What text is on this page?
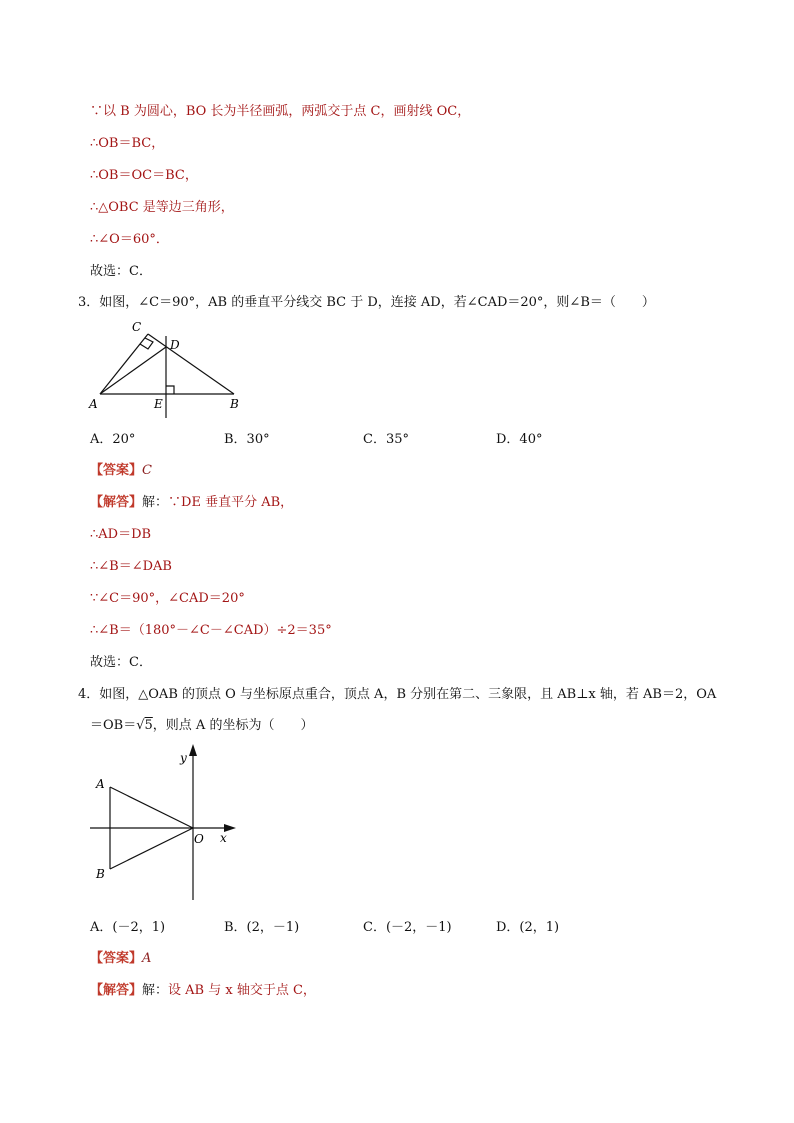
∵以 B 为圆心，BO 长为半径画弧，两弧交于点 C，画射线 OC，
∴OB＝BC，
∴OB＝OC＝BC，
∴△OBC 是等边三角形，
∴∠O＝60°．
故选：C．
3．如图，∠C＝90°，AB 的垂直平分线交 BC 于 D，连接 AD，若∠CAD＝20°，则∠B＝（　　）
C
D
A	E	B
A．20°	B．30°	C．35°	D．40°
【答案】C
【解答】解：∵DE 垂直平分 AB，
∴AD＝DB
∴∠B＝∠DAB
∵∠C＝90°，∠CAD＝20°
∴∠B＝（180°－∠C－∠CAD）÷2＝35°
故选：C．
4．如图，△OAB 的顶点 O 与坐标原点重合，顶点 A，B 分别在第二、三象限，且 AB⊥x 轴，若 AB＝2，OA
＝OB＝√5，则点 A 的坐标为（　　）
y
A
O x
B
A．(－2，1)	B．(2，－1)	C．(－2，－1)	D．(2，1)
【答案】A
【解答】解：设 AB 与 x 轴交于点 C，
